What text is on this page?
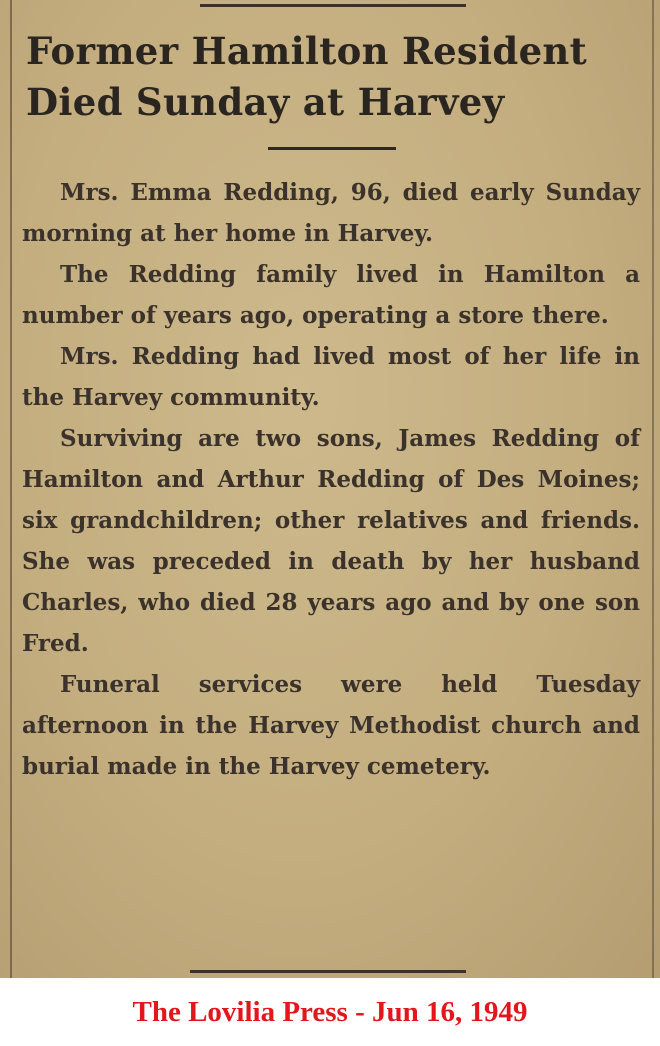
Former Hamilton Resident
Died Sunday at Harvey

Mrs. Emma Redding, 96, died early Sunday morning at her home in Harvey.

The Redding family lived in Hamilton a number of years ago, operating a store there.

Mrs. Redding had lived most of her life in the Harvey community.

Surviving are two sons, James Redding of Hamilton and Arthur Redding of Des Moines; six grandchildren; other relatives and friends. She was preceded in death by her husband Charles, who died 28 years ago and by one son Fred.

Funeral services were held Tuesday afternoon in the Harvey Methodist church and burial made in the Harvey cemetery.

The Lovilia Press - Jun 16, 1949
